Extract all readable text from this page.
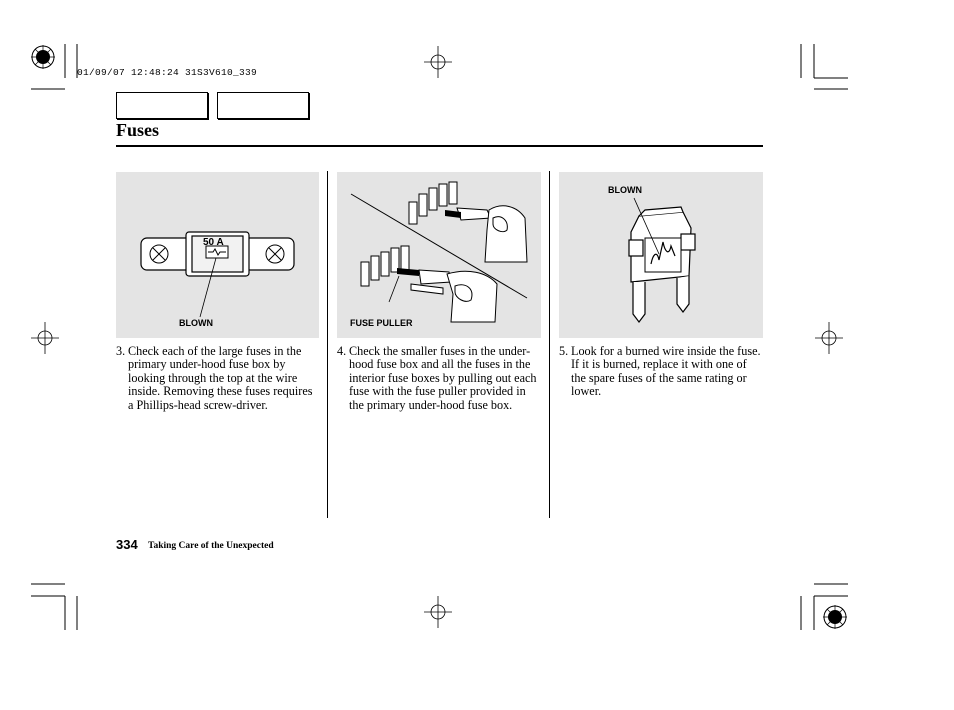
01/09/07 12:48:24 31S3V610_339
Fuses
50 A
BLOWN	FUSE PULLER
BLOWN
3. Check each of the large fuses in the primary under-hood fuse box by looking through the top at the wire inside. Removing these fuses requires a Phillips-head screw-driver.
4. Check the smaller fuses in the under-hood fuse box and all the fuses in the interior fuse boxes by pulling out each fuse with the fuse puller provided in the primary under-hood fuse box.
5. Look for a burned wire inside the fuse. If it is burned, replace it with one of the spare fuses of the same rating or lower.
334 Taking Care of the Unexpected
